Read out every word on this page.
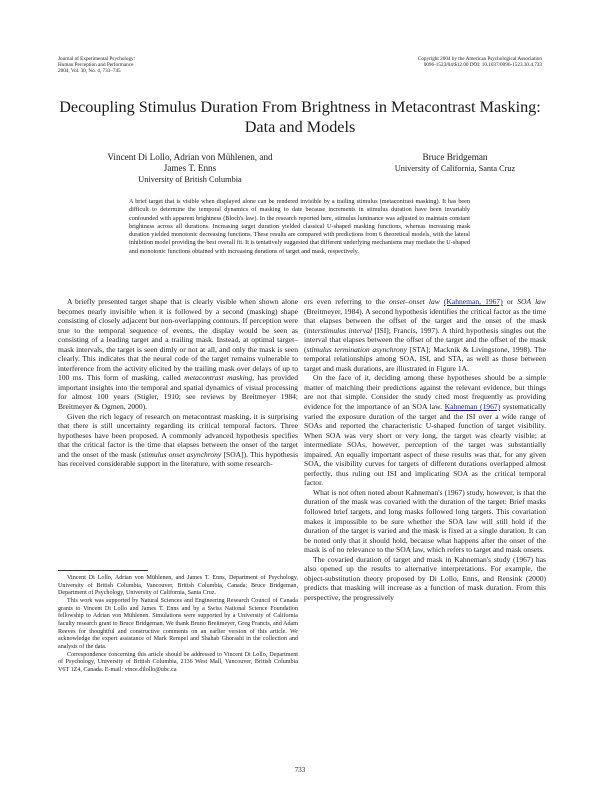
Journal of Experimental Psychology:
Human Perception and Performance
2004, Vol. 30, No. 4, 733–745
Copyright 2004 by the American Psychological Association
0096-1523/04/$12.00 DOI: 10.1037/0096-1523.30.4.733
Decoupling Stimulus Duration From Brightness in Metacontrast Masking:
Data and Models
Vincent Di Lollo, Adrian von Mühlenen, and
James T. Enns
University of British Columbia
Bruce Bridgeman
University of California, Santa Cruz
A brief target that is visible when displayed alone can be rendered invisible by a trailing stimulus (metacontrast masking). It has been difficult to determine the temporal dynamics of masking to date because increments in stimulus duration have been invariably confounded with apparent brightness (Bloch's law). In the research reported here, stimulus luminance was adjusted to maintain constant brightness across all durations. Increasing target duration yielded classical U-shaped masking functions, whereas increasing mask duration yielded monotonic decreasing functions. These results are compared with predictions from 6 theoretical models, with the lateral inhibition model providing the best overall fit. It is tentatively suggested that different underlying mechanisms may mediate the U-shaped and monotonic functions obtained with increasing durations of target and mask, respectively.

A briefly presented target shape that is clearly visible when shown alone becomes nearly invisible when it is followed by a second (masking) shape consisting of closely adjacent but non-overlapping contours. If perception were true to the temporal sequence of events, the display would be seen as consisting of a leading target and a trailing mask. Instead, at optimal target–mask intervals, the target is seen dimly or not at all, and only the mask is seen clearly. This indicates that the neural code of the target remains vulnerable to interference from the activity elicited by the trailing mask over delays of up to 100 ms. This form of masking, called metacontrast masking, has provided important insights into the temporal and spatial dynamics of visual processing for almost 100 years (Stigler, 1910; see reviews by Breitmeyer 1984; Breitmeyer & Ogmen, 2000).

Given the rich legacy of research on metacontrast masking, it is surprising that there is still uncertainty regarding its critical temporal factors. Three hypotheses have been proposed. A commonly advanced hypothesis specifies that the critical factor is the time that elapses between the onset of the target and the onset of the mask (stimulus onset asynchrony [SOA]). This hypothesis has received considerable support in the literature, with some research-

Vincent Di Lollo, Adrian von Mühlenen, and James T. Enns, Department of Psychology, University of British Columbia, Vancouver, British Columbia, Canada; Bruce Bridgeman, Department of Psychology, University of California, Santa Cruz.

This work was supported by Natural Sciences and Engineering Research Council of Canada grants to Vincent Di Lollo and James T. Enns and by a Swiss National Science Foundation fellowship to Adrian von Mühlenen. Simulations were supported by a University of California faculty research grant to Bruce Bridgeman. We thank Bruno Breitmeyer, Greg Francis, and Adam Reeves for thoughtful and constructive comments on an earlier version of this article. We acknowledge the expert assistance of Mark Rempel and Shahab Ghorashi in the collection and analysis of the data.

Correspondence concerning this article should be addressed to Vincent Di Lollo, Department of Psychology, University of British Columbia, 2136 West Mall, Vancouver, British Columbia V6T 1Z4, Canada. E-mail: vince.dilollo@ubc.ca

ers even referring to the onset–onset law (Kahneman, 1967) or SOA law (Breitmeyer, 1984). A second hypothesis identifies the critical factor as the time that elapses between the offset of the target and the onset of the mask (interstimulus interval [ISI]; Francis, 1997). A third hypothesis singles out the interval that elapses between the offset of the target and the offset of the mask (stimulus termination asynchrony [STA]; Macknik & Livingstone, 1998). The temporal relationships among SOA, ISI, and STA, as well as those between target and mask durations, are illustrated in Figure 1A.

On the face of it, deciding among these hypotheses should be a simple matter of matching their predictions against the relevant evidence, but things are not that simple. Consider the study cited most frequently as providing evidence for the importance of an SOA law. Kahneman (1967) systematically varied the exposure duration of the target and the ISI over a wide range of SOAs and reported the characteristic U-shaped function of target visibility. When SOA was very short or very long, the target was clearly visible; at intermediate SOAs, however, perception of the target was substantially impaired. An equally important aspect of these results was that, for any given SOA, the visibility curves for targets of different durations overlapped almost perfectly, thus ruling out ISI and implicating SOA as the critical temporal factor.

What is not often noted about Kahneman's (1967) study, however, is that the duration of the mask was covaried with the duration of the target: Brief masks followed brief targets, and long masks followed long targets. This covariation makes it impossible to be sure whether the SOA law will still hold if the duration of the target is varied and the mask is fixed at a single duration. It can be noted only that it should hold, because what happens after the onset of the mask is of no relevance to the SOA law, which refers to target and mask onsets.

The covaried duration of target and mask in Kahneman's study (1967) has also opened up the results to alternative interpretations. For example, the object-substitution theory proposed by Di Lollo, Enns, and Rensink (2000) predicts that masking will increase as a function of mask duration. From this perspective, the progressively

733
